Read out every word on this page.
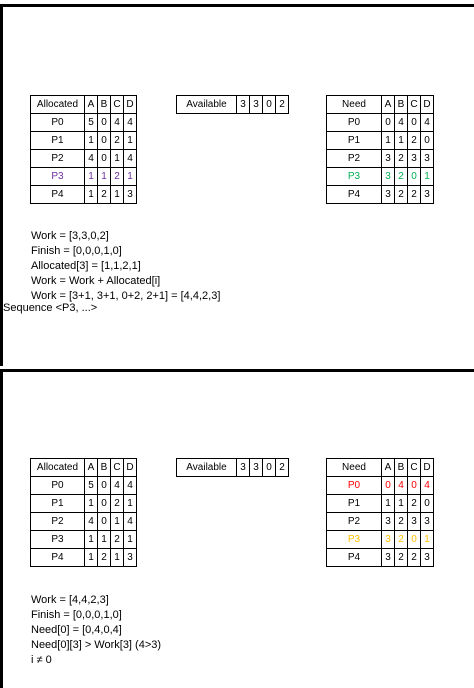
Allocated	A	B	C	D
P0	5	0	4	4
P1	1	0	2	1
P2	4	0	1	4
P3	1	1	2	1
P4	1	2	1	3
Available	3	3	0	2	Need	A	B	C	D
P0	0	4	0	4
P1	1	1	2	0
P2	3	2	3	3
P3	3	2	0	1
P4	3	2	2	3
Work = [3,3,0,2]
Finish = [0,0,0,1,0]
Allocated[3] = [1,1,2,1]
Work = Work + Allocated[i]
Work = [3+1, 3+1, 0+2, 2+1] = [4,4,2,3]
Sequence <P3, ...>
Allocated	A	B	C	D
P0	5	0	4	4
P1	1	0	2	1
P2	4	0	1	4
P3	1	1	2	1
P4	1	2	1	3
Available	3	3	0	2	Need	A	B	C	D
P0	0	4	0	4
P1	1	1	2	0
P2	3	2	3	3
P3	3	2	0	1
P4	3	2	2	3
Work = [4,4,2,3]
Finish = [0,0,0,1,0]
Need[0] = [0,4,0,4]
Need[0][3] > Work[3] (4>3)
i ≠ 0
